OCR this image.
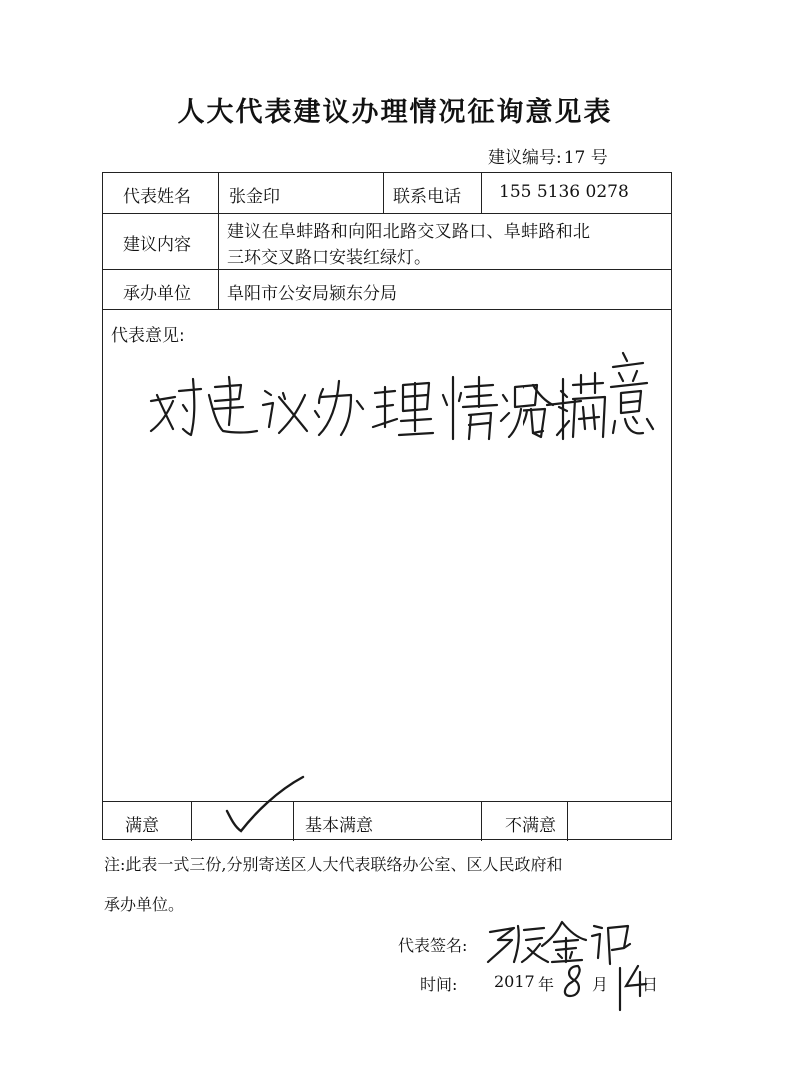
人大代表建议办理情况征询意见表
建议编号: 17 号
代表姓名 张金印	联系电话 155 5136 0278
建议内容
建议在阜蚌路和向阳北路交叉路口、阜蚌路和北
三环交叉路口安装红绿灯。
承办单位 阜阳市公安局颍东分局
代表意见:
满意	基本满意	不满意
注:此表一式三份,分别寄送区人大代表联络办公室、区人民政府和
承办单位。
代表签名:
时间: 2017 年 月 日
